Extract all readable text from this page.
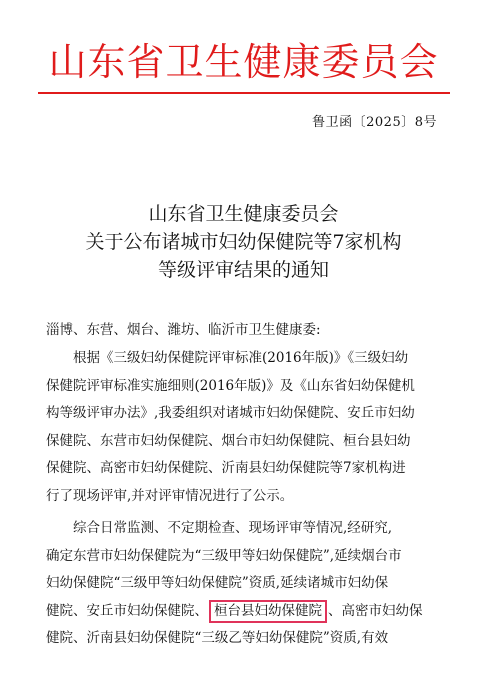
山东省卫生健康委员会
鲁卫函〔2025〕8号
山东省卫生健康委员会
关于公布诸城市妇幼保健院等7家机构
等级评审结果的通知
淄博、东营、烟台、潍坊、临沂市卫生健康委:
根据《三级妇幼保健院评审标准(2016年版)》《三级妇幼
保健院评审标准实施细则(2016年版)》及《山东省妇幼保健机
构等级评审办法》,我委组织对诸城市妇幼保健院、安丘市妇幼
保健院、东营市妇幼保健院、烟台市妇幼保健院、桓台县妇幼
保健院、高密市妇幼保健院、沂南县妇幼保健院等7家机构进
行了现场评审,并对评审情况进行了公示。
综合日常监测、不定期检查、现场评审等情况,经研究,
确定东营市妇幼保健院为“三级甲等妇幼保健院”,延续烟台市
妇幼保健院“三级甲等妇幼保健院”资质,延续诸城市妇幼保
健院、安丘市妇幼保健院、 桓台县妇幼保健院 、高密市妇幼保
健院、沂南县妇幼保健院“三级乙等妇幼保健院”资质,有效
